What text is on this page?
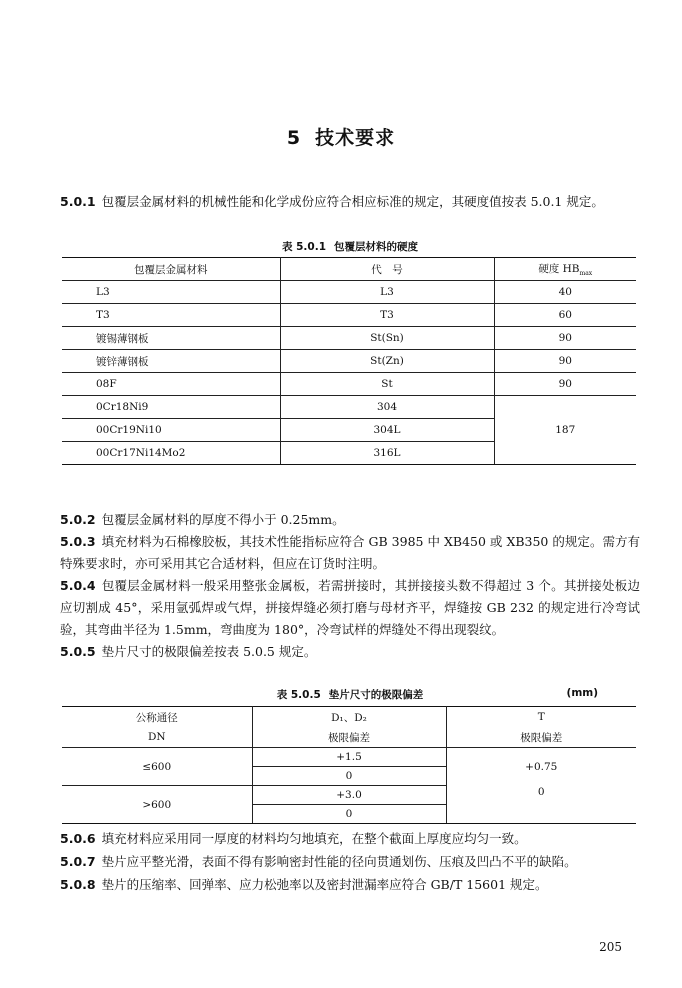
5 技术要求
5.0.1 包覆层金属材料的机械性能和化学成份应符合相应标准的规定，其硬度值按表 5.0.1 规定。
表 5.0.1 包覆层材料的硬度
包覆层金属材料	代　号	硬度 $HB_{max}$
L3	L3	40
T3	T3	60
镀锡薄钢板	St(Sn)	90
镀锌薄钢板	St(Zn)	90
08F	St	90
0Cr18Ni9	304	187
00Cr19Ni10	304L	
00Cr17Ni14Mo2	316L	
5.0.2 包覆层金属材料的厚度不得小于 0.25mm。
5.0.3 填充材料为石棉橡胶板，其技术性能指标应符合 GB 3985 中 XB450 或 XB350 的规定。需方有特殊要求时，亦可采用其它合适材料，但应在订货时注明。
5.0.4 包覆层金属材料一般采用整张金属板，若需拼接时，其拼接接头数不得超过 3 个。其拼接处板边应切割成 45°，采用氩弧焊或气焊，拼接焊缝必须打磨与母材齐平，焊缝按 GB 232 的规定进行冷弯试验，其弯曲半径为 1.5mm，弯曲度为 180°，冷弯试样的焊缝处不得出现裂纹。
5.0.5 垫片尺寸的极限偏差按表 5.0.5 规定。
表 5.0.5 垫片尺寸的极限偏差	(mm)
公称通径	D₁、D₂	T
DN	极限偏差	极限偏差
≤600	+1.5	+0.75
	0	
>600	+3.0	0
	0	
5.0.6 填充材料应采用同一厚度的材料均匀地填充，在整个截面上厚度应均匀一致。
5.0.7 垫片应平整光滑，表面不得有影响密封性能的径向贯通划伤、压痕及凹凸不平的缺陷。
5.0.8 垫片的压缩率、回弹率、应力松弛率以及密封泄漏率应符合 GB/T 15601 规定。
205
